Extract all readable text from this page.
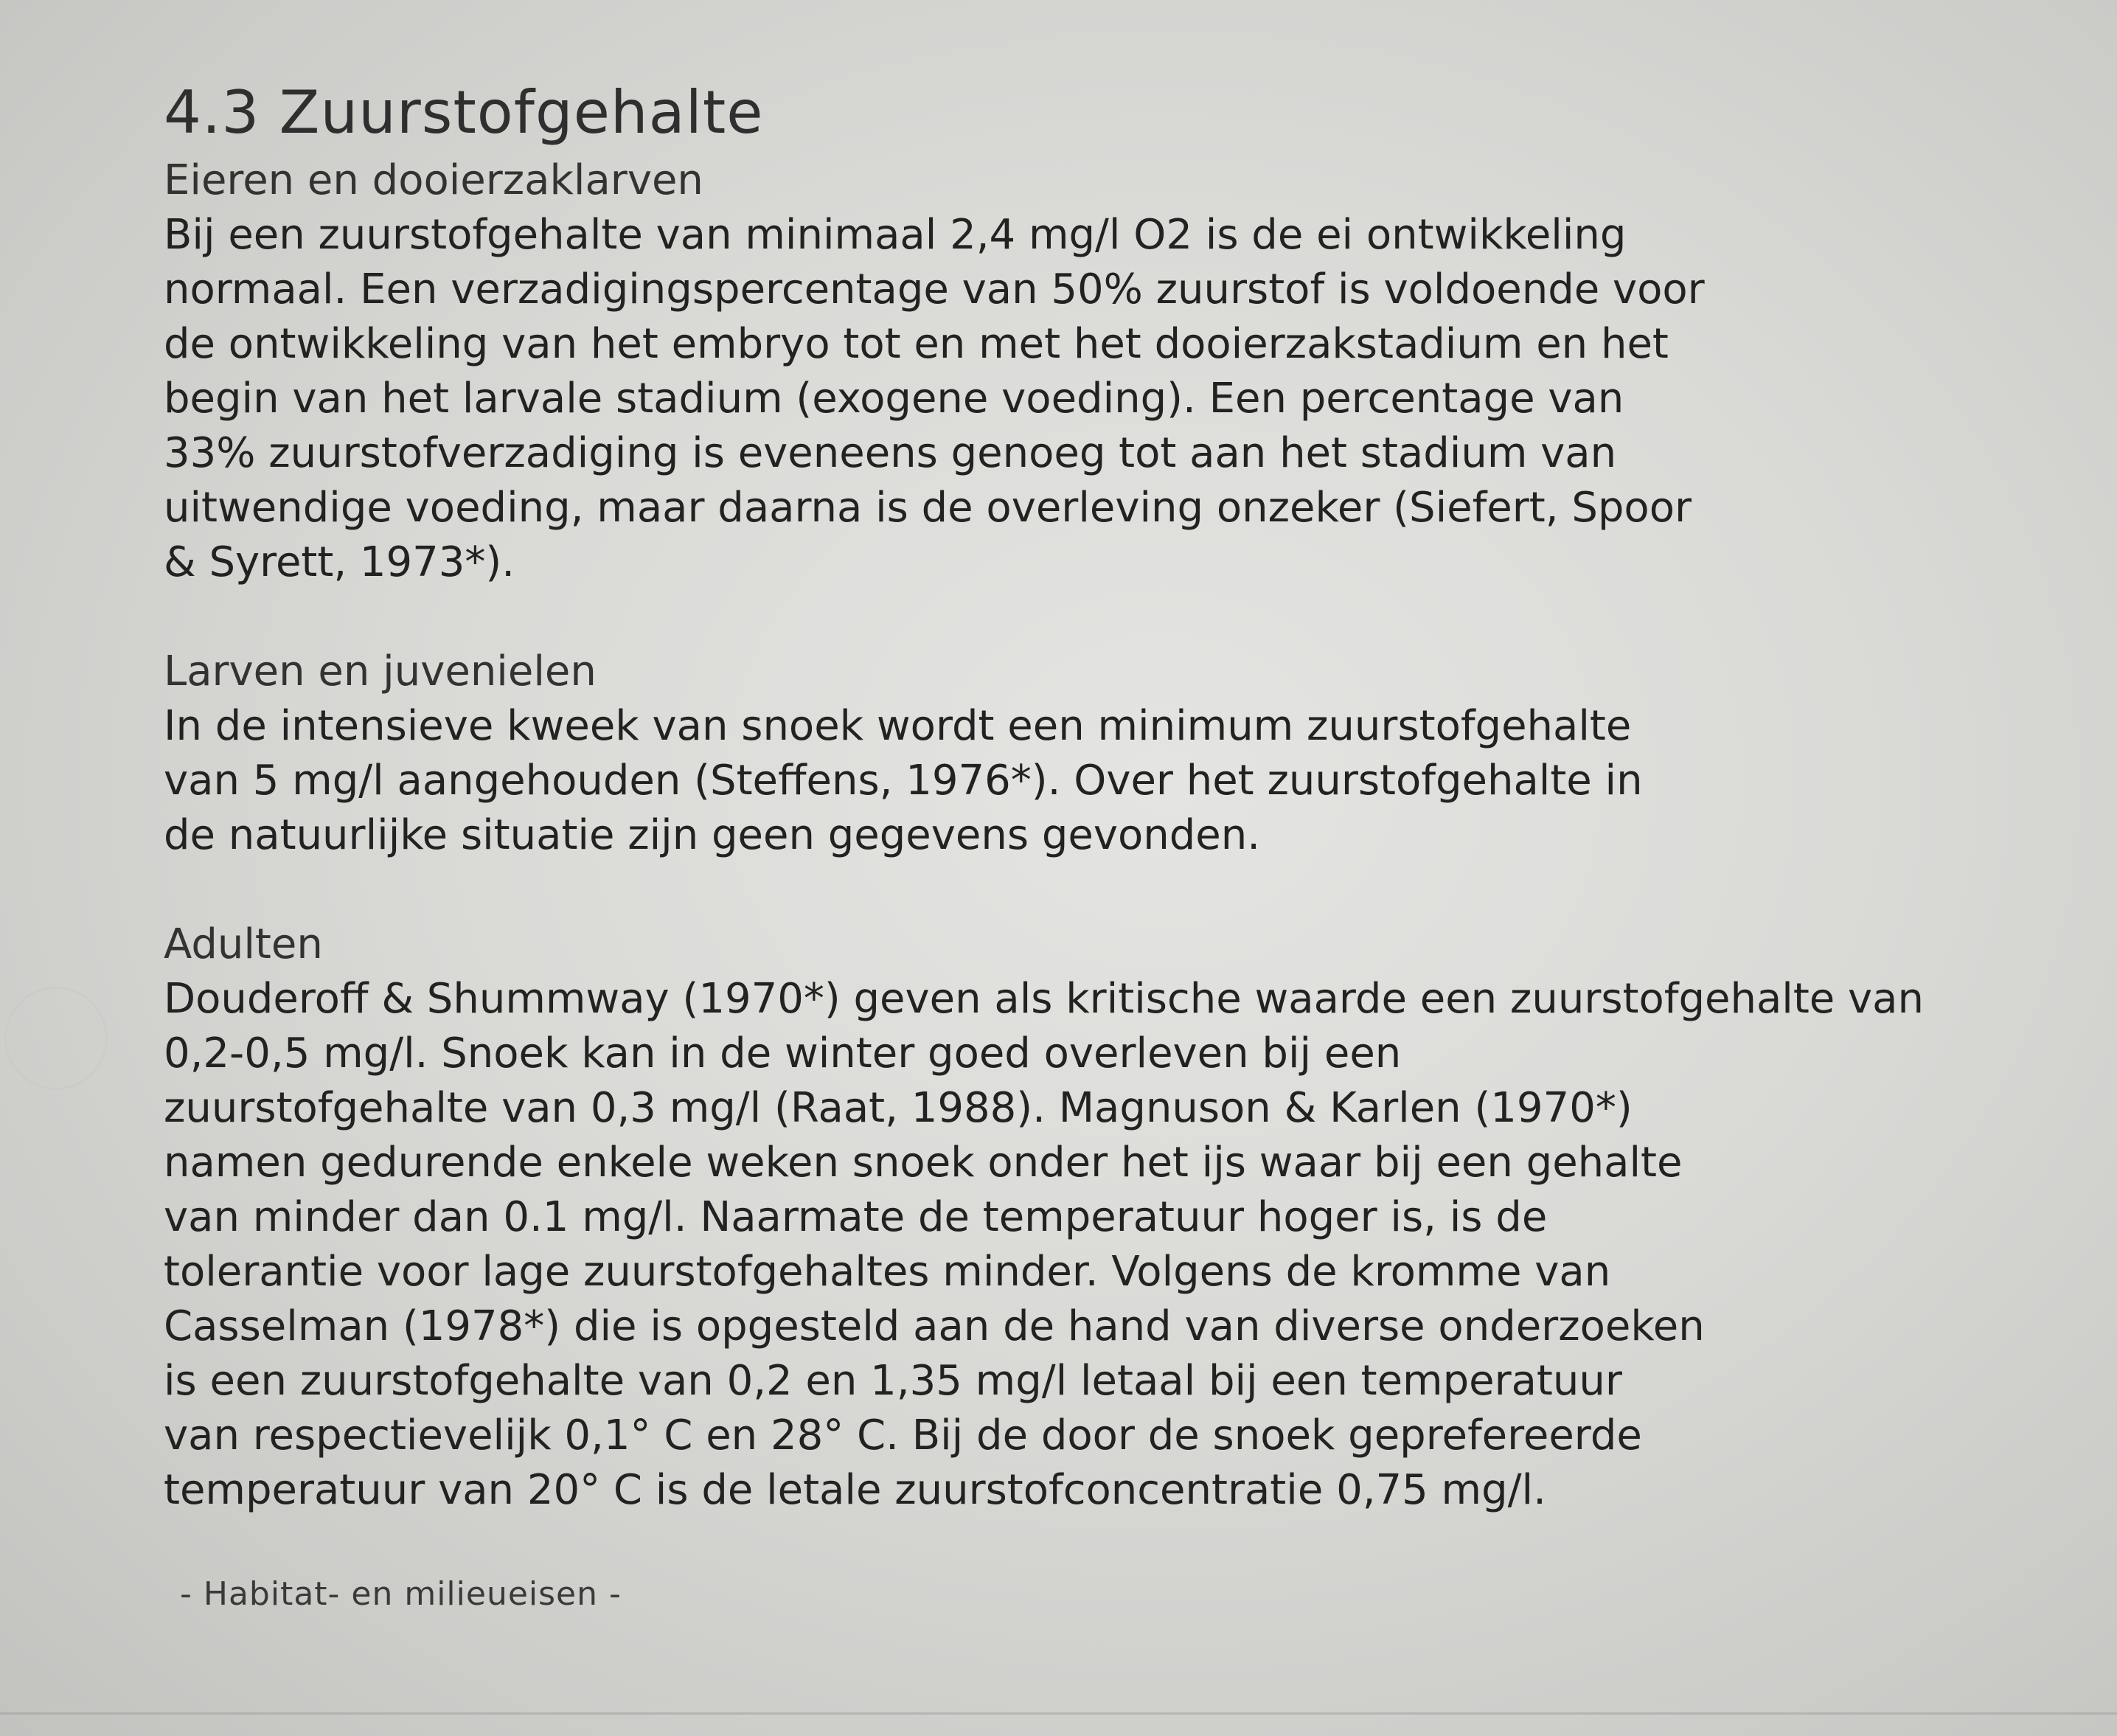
4.3 Zuurstofgehalte
Eieren en dooierzaklarven

Bij een zuurstofgehalte van minimaal 2,4 mg/l O2 is de ei ontwikkeling
normaal. Een verzadigingspercentage van 50% zuurstof is voldoende voor
de ontwikkeling van het embryo tot en met het dooierzakstadium en het
begin van het larvale stadium (exogene voeding). Een percentage van
33% zuurstofverzadiging is eveneens genoeg tot aan het stadium van
uitwendige voeding, maar daarna is de overleving onzeker (Siefert, Spoor
& Syrett, 1973*).

Larven en juvenielen

In de intensieve kweek van snoek wordt een minimum zuurstofgehalte
van 5 mg/l aangehouden (Steffens, 1976*). Over het zuurstofgehalte in
de natuurlijke situatie zijn geen gegevens gevonden.

Adulten

Douderoff & Shummway (1970*) geven als kritische waarde een zuurstofgehalte van
0,2-0,5 mg/l. Snoek kan in de winter goed overleven bij een
zuurstofgehalte van 0,3 mg/l (Raat, 1988). Magnuson & Karlen (1970*)
namen gedurende enkele weken snoek onder het ijs waar bij een gehalte
van minder dan 0.1 mg/l. Naarmate de temperatuur hoger is, is de
tolerantie voor lage zuurstofgehaltes minder. Volgens de kromme van
Casselman (1978*) die is opgesteld aan de hand van diverse onderzoeken
is een zuurstofgehalte van 0,2 en 1,35 mg/l letaal bij een temperatuur
van respectievelijk 0,1° C en 28° C. Bij de door de snoek geprefereerde
temperatuur van 20° C is de letale zuurstofconcentratie 0,75 mg/l.

- Habitat- en milieueisen -
